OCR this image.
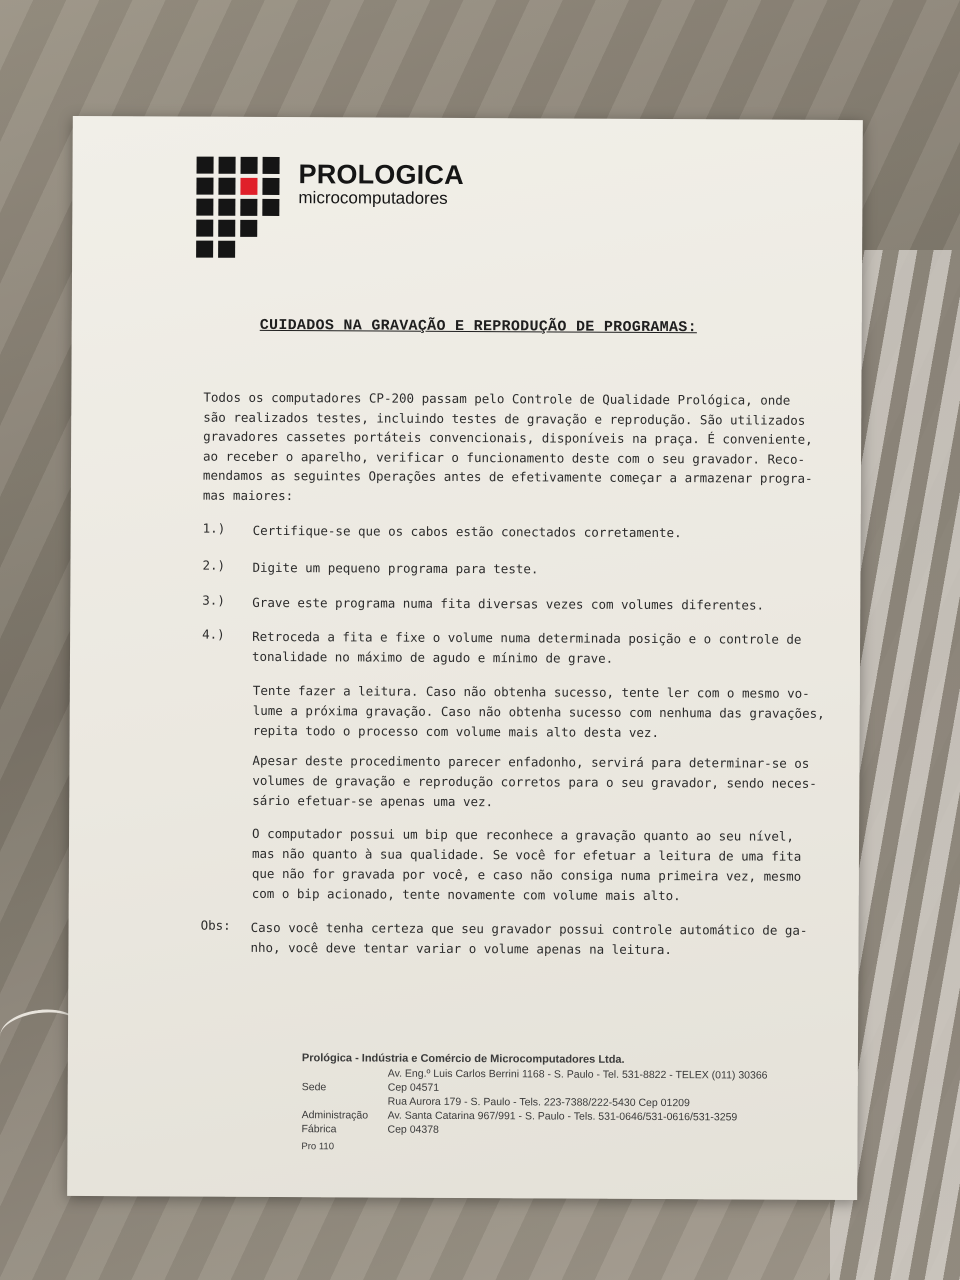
PROLOGICA
microcomputadores
CUIDADOS NA GRAVAÇÃO E REPRODUÇÃO DE PROGRAMAS:
Todos os computadores CP-200 passam pelo Controle de Qualidade Prológica, onde
são realizados testes, incluindo testes de gravação e reprodução. São utilizados
gravadores cassetes portáteis convencionais, disponíveis na praça. É conveniente,
ao receber o aparelho, verificar o funcionamento deste com o seu gravador. Reco-
mendamos as seguintes Operações antes de efetivamente começar a armazenar progra-
mas maiores:
1.) Certifique-se que os cabos estão conectados corretamente.
2.) Digite um pequeno programa para teste.
3.) Grave este programa numa fita diversas vezes com volumes diferentes.
4.) Retroceda a fita e fixe o volume numa determinada posição e o controle de
tonalidade no máximo de agudo e mínimo de grave.
Tente fazer a leitura. Caso não obtenha sucesso, tente ler com o mesmo vo-
lume a próxima gravação. Caso não obtenha sucesso com nenhuma das gravações,
repita todo o processo com volume mais alto desta vez.
Apesar deste procedimento parecer enfadonho, servirá para determinar-se os
volumes de gravação e reprodução corretos para o seu gravador, sendo neces-
sário efetuar-se apenas uma vez.
O computador possui um bip que reconhece a gravação quanto ao seu nível,
mas não quanto à sua qualidade. Se você for efetuar a leitura de uma fita
que não for gravada por você, e caso não consiga numa primeira vez, mesmo
com o bip acionado, tente novamente com volume mais alto.
Obs: Caso você tenha certeza que seu gravador possui controle automático de ga-
nho, você deve tentar variar o volume apenas na leitura.
Prológica - Indústria e Comércio de Microcomputadores Ltda.
Av. Eng.º Luis Carlos Berrini 1168 - S. Paulo - Tel. 531-8822 - TELEX (011) 30366
Sede	Cep 04571
Rua Aurora 179 - S. Paulo - Tels. 223-7388/222-5430 Cep 01209
Administração Av. Santa Catarina 967/991 - S. Paulo - Tels. 531-0646/531-0616/531-3259
Fábrica	Cep 04378
Pro 110
